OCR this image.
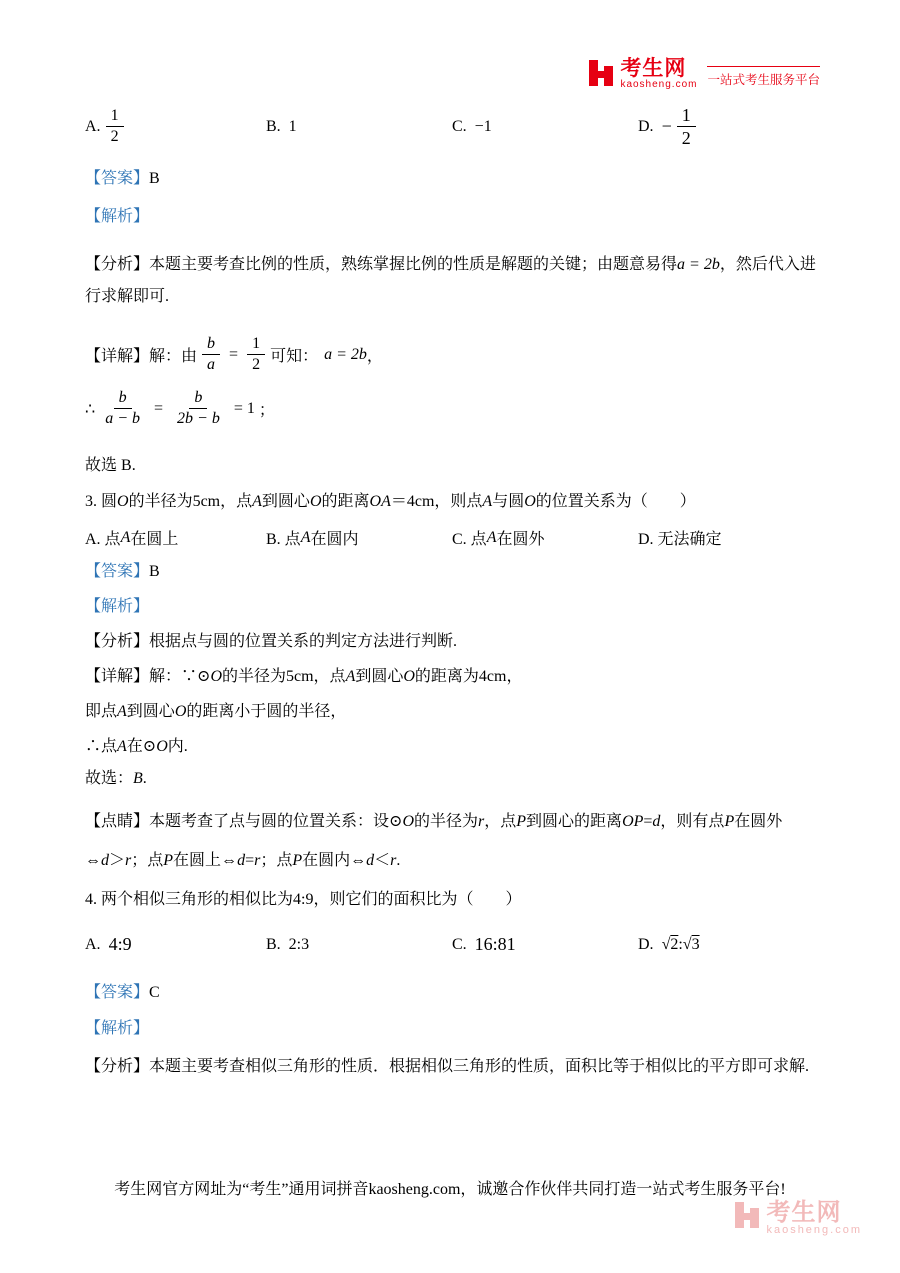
考生网
kaosheng.com 一站式考生服务平台
A. $\frac{1}{2}$	B. 1	C. −1	D. − $\frac{1}{2}$
【答案】B
【解析】
【分析】本题主要考查比例的性质，熟练掌握比例的性质是解题的关键；由题意易得a = 2b，然后代入进
行求解即可.
【详解】 解：由 $\frac{b}{a} = \frac{1}{2}$ 可知： a = 2b ，
∴ $\frac{b}{a - b} = \frac{b}{2b - b} = 1$ ；
故选 B.
3. 圆O的半径为5cm，点A到圆心O的距离OA＝4cm，则点A与圆O的位置关系为（　　）
A. 点 A 在圆上	B. 点 A 在圆内	C. 点 A 在圆外	D. 无法确定
【答案】B
【解析】
【分析】根据点与圆的位置关系的判定方法进行判断.
【详解】解：∵⊙O的半径为5cm，点A到圆心O的距离为4cm，
即点A到圆心O的距离小于圆的半径，
∴点A在⊙O内.
故选：B.
【点睛】本题考查了点与圆的位置关系：设⊙O的半径为r，点P到圆心的距离OP=d，则有点P在圆外
⇔d＞r；点P在圆上⇔d=r；点P在圆内⇔d＜r.
4. 两个相似三角形的相似比为4:9，则它们的面积比为（　　）
A. 4:9	B. 2:3	C. 16:81	D. √2:√3
【答案】C
【解析】
【分析】本题主要考查相似三角形的性质．根据相似三角形的性质，面积比等于相似比的平方即可求解.
考生网官方网址为“考生”通用词拼音kaosheng.com，诚邀合作伙伴共同打造一站式考生服务平台!
考生网
kaosheng.com
